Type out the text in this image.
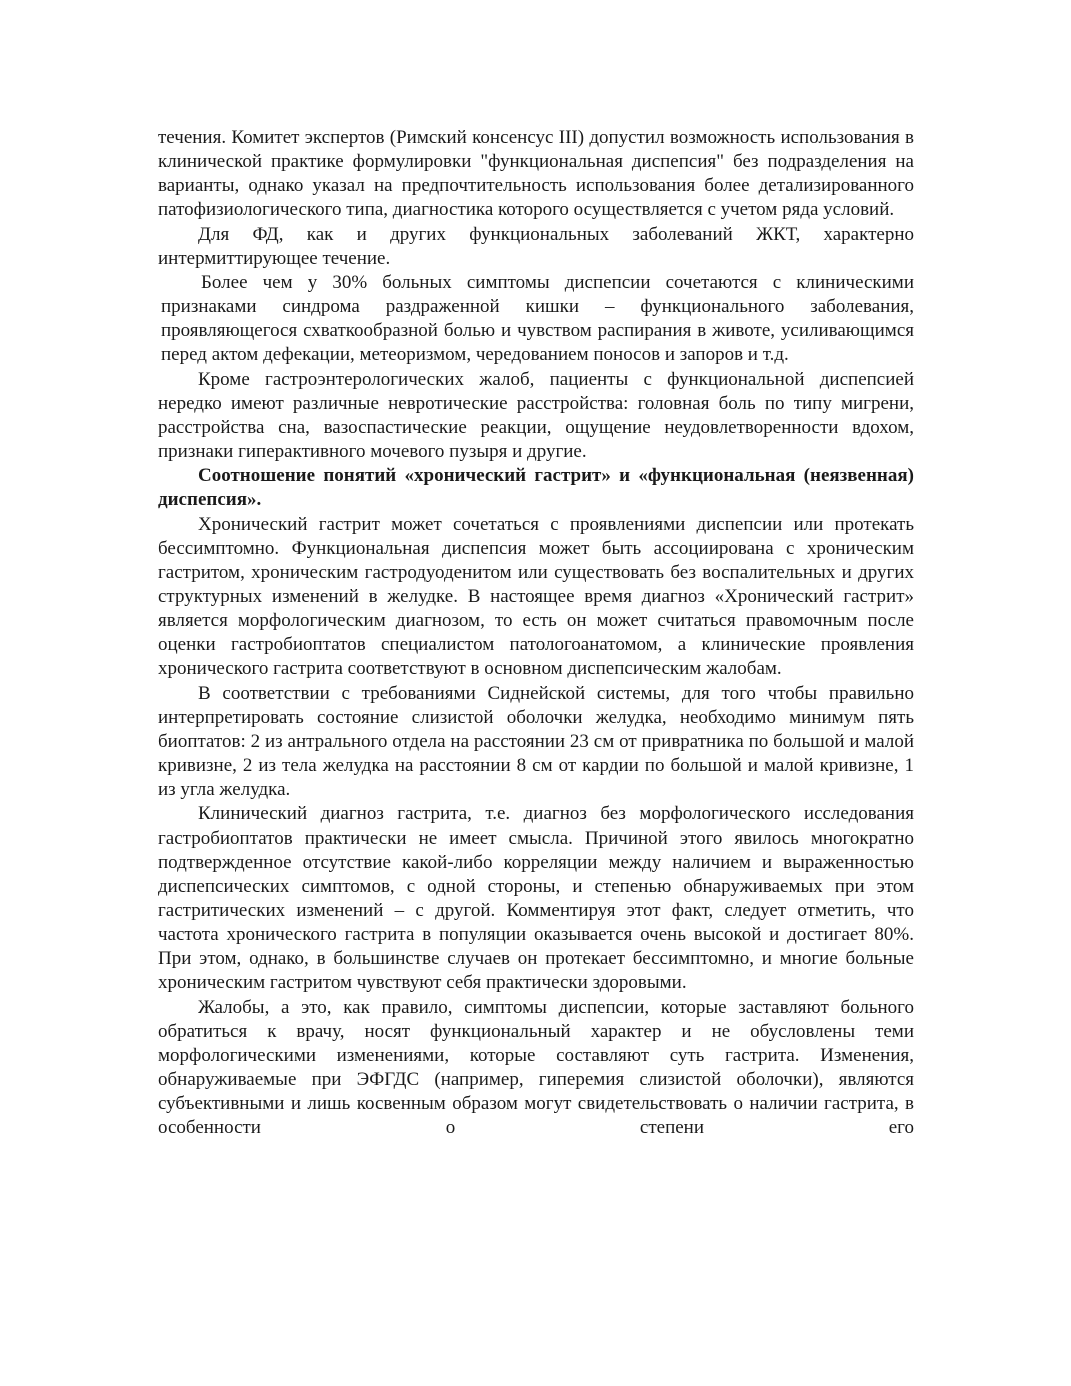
течения. Комитет экспертов (Римский консенсус III) допустил возможность использования в клинической практике формулировки "функциональная диспепсия" без подразделения на варианты, однако указал на предпочтительность использования более детализированного патофизиологического типа, диагностика которого осуществляется с учетом ряда условий.

Для ФД, как и других функциональных заболеваний ЖКТ, характерно интермиттирующее течение.

Более чем у 30% больных симптомы диспепсии сочетаются с клиническими признаками синдрома раздраженной кишки – функционального заболевания, проявляющегося схваткообразной болью и чувством распирания в животе, усиливающимся перед актом дефекации, метеоризмом, чередованием поносов и запоров и т.д.

Кроме гастроэнтерологических жалоб, пациенты с функциональной диспепсией нередко имеют различные невротические расстройства: головная боль по типу мигрени, расстройства сна, вазоспастические реакции, ощущение неудовлетворенности вдохом, признаки гиперактивного мочевого пузыря и другие.

Соотношение понятий «хронический гастрит» и «функциональная (неязвенная) диспепсия».

Хронический гастрит может сочетаться с проявлениями диспепсии или протекать бессимптомно. Функциональная диспепсия может быть ассоциирована с хроническим гастритом, хроническим гастродуоденитом или существовать без воспалительных и других структурных изменений в желудке. В настоящее время диагноз «Хронический гастрит» является морфологическим диагнозом, то есть он может считаться правомочным после оценки гастробиоптатов специалистом патологоанатомом, а клинические проявления хронического гастрита соответствуют в основном диспепсическим жалобам.

В соответствии с требованиями Сиднейской системы, для того чтобы правильно интерпретировать состояние слизистой оболочки желудка, необходимо минимум пять биоптатов: 2 из антрального отдела на расстоянии 23 см от привратника по большой и малой кривизне, 2 из тела желудка на расстоянии 8 см от кардии по большой и малой кривизне, 1 из угла желудка.

Клинический диагноз гастрита, т.е. диагноз без морфологического исследования гастробиоптатов практически не имеет смысла. Причиной этого явилось многократно подтвержденное отсутствие какой-либо корреляции между наличием и выраженностью диспепсических симптомов, с одной стороны, и степенью обнаруживаемых при этом гастритических изменений – с другой. Комментируя этот факт, следует отметить, что частота хронического гастрита в популяции оказывается очень высокой и достигает 80%. При этом, однако, в большинстве случаев он протекает бессимптомно, и многие больные хроническим гастритом чувствуют себя практически здоровыми.

Жалобы, а это, как правило, симптомы диспепсии, которые заставляют больного обратиться к врачу, носят функциональный характер и не обусловлены теми морфологическими изменениями, которые составляют суть гастрита. Изменения, обнаруживаемые при ЭФГДС (например, гиперемия слизистой оболочки), являются субъективными и лишь косвенным образом могут свидетельствовать о наличии гастрита, в особенности о степени его
